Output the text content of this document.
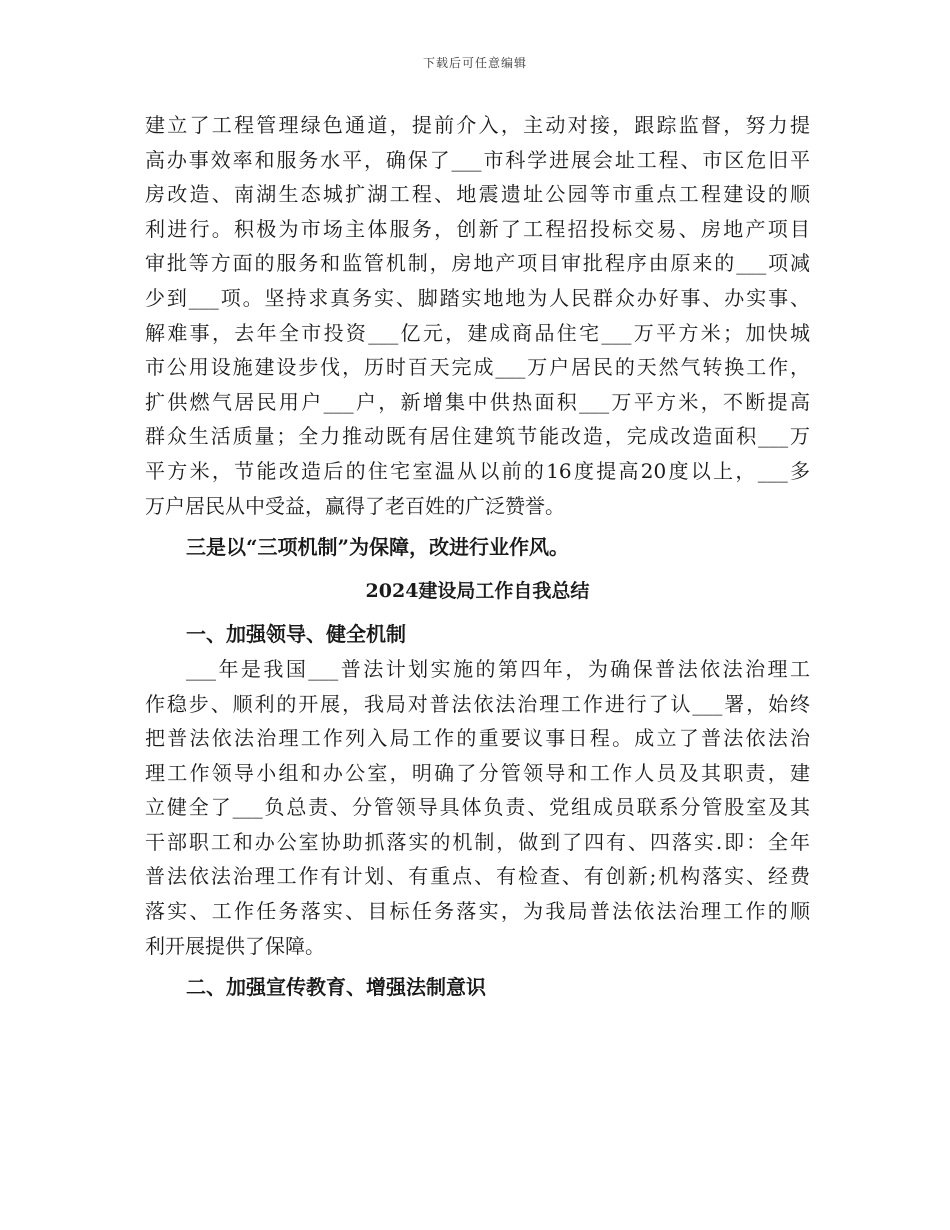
下载后可任意编辑
建立了工程管理绿色通道，提前介入，主动对接，跟踪监督，努力提
高办事效率和服务水平，确保了___市科学进展会址工程、市区危旧平
房改造、南湖生态城扩湖工程、地震遗址公园等市重点工程建设的顺
利进行。积极为市场主体服务，创新了工程招投标交易、房地产项目
审批等方面的服务和监管机制，房地产项目审批程序由原来的___项减
少到___项。坚持求真务实、脚踏实地地为人民群众办好事、办实事、
解难事，去年全市投资___亿元，建成商品住宅___万平方米；加快城
市公用设施建设步伐，历时百天完成___万户居民的天然气转换工作，
扩供燃气居民用户___户，新增集中供热面积___万平方米，不断提高
群众生活质量；全力推动既有居住建筑节能改造，完成改造面积___万
平方米，节能改造后的住宅室温从以前的16度提高20度以上，___多
万户居民从中受益，赢得了老百姓的广泛赞誉。
三是以“三项机制”为保障，改进行业作风。
2024建设局工作自我总结
一、加强领导、健全机制
___年是我国___普法计划实施的第四年，为确保普法依法治理工
作稳步、顺利的开展，我局对普法依法治理工作进行了认___署，始终
把普法依法治理工作列入局工作的重要议事日程。成立了普法依法治
理工作领导小组和办公室，明确了分管领导和工作人员及其职责，建
立健全了___负总责、分管领导具体负责、党组成员联系分管股室及其
干部职工和办公室协助抓落实的机制，做到了四有、四落实.即：全年
普法依法治理工作有计划、有重点、有检查、有创新;机构落实、经费
落实、工作任务落实、目标任务落实，为我局普法依法治理工作的顺
利开展提供了保障。
二、加强宣传教育、增强法制意识
